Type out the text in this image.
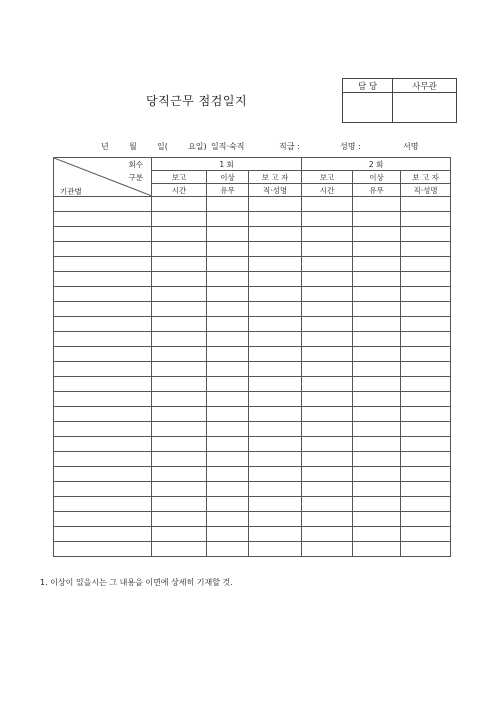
당직근무 점검일지
담 당	사무관

년	월	일(	요일) 일직·숙직	직급 :	성명 :	서명
회수
구분
기관별	1 회			2 회		
	보고	이상	보 고 자	보고	이상	보 고 자
	시간	유무	직·성명	시간	유무	직·성명

1. 이상이 있을시는 그 내용을 이면에 상세히 기재할 것.
